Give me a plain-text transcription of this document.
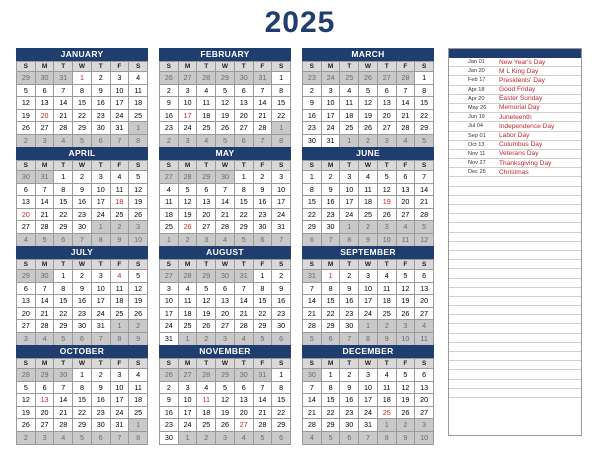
2025
JANUARY
S	M	T	W	T	F	S
29	30	31	1	2	3	4
5	6	7	8	9	10	11
12	13	14	15	16	17	18
19	20	21	22	23	24	25
26	27	28	29	30	31	1
2	3	4	5	6	7	8
FEBRUARY
S	M	T	W	T	F	S
26	27	28	29	30	31	1
2	3	4	5	6	7	8
9	10	11	12	13	14	15
16	17	18	19	20	21	22
23	24	25	26	27	28	1
2	3	4	5	6	7	8
MARCH
S	M	T	W	T	F	S
23	24	25	26	27	28	1
2	3	4	5	6	7	8
9	10	11	12	13	14	15
16	17	18	19	20	21	22
23	24	25	26	27	28	29
30	31	1	2	3	4	5
APRIL
S	M	T	W	T	F	S
30	31	1	2	3	4	5
6	7	8	9	10	11	12
13	14	15	16	17	18	19
20	21	22	23	24	25	26
27	28	29	30	1	2	3
4	5	6	7	8	9	10
MAY
S	M	T	W	T	F	S
27	28	29	30	1	2	3
4	5	6	7	8	9	10
11	12	13	14	15	16	17
18	19	20	21	22	23	24
25	26	27	28	29	30	31
1	2	3	4	5	6	7
JUNE
S	M	T	W	T	F	S
1	2	3	4	5	6	7
8	9	10	11	12	13	14
15	16	17	18	19	20	21
22	23	24	25	26	27	28
29	30	1	2	3	4	5
6	7	8	9	10	11	12
JULY
S	M	T	W	T	F	S
29	30	1	2	3	4	5
6	7	8	9	10	11	12
13	14	15	16	17	18	19
20	21	22	23	24	25	26
27	28	29	30	31	1	2
3	4	5	6	7	8	9
AUGUST
S	M	T	W	T	F	S
27	28	29	30	31	1	2
3	4	5	6	7	8	9
10	11	12	13	14	15	16
17	18	19	20	21	22	23
24	25	26	27	28	29	30
31	1	2	3	4	5	6
SEPTEMBER
S	M	T	W	T	F	S
31	1	2	3	4	5	6
7	8	9	10	11	12	13
14	15	16	17	18	19	20
21	22	23	24	25	26	27
28	29	30	1	2	3	4
5	6	7	8	9	10	11
OCTOBER
S	M	T	W	T	F	S
28	29	30	1	2	3	4
5	6	7	8	9	10	11
12	13	14	15	16	17	18
19	20	21	22	23	24	25
26	27	28	29	30	31	1
2	3	4	5	6	7	8
NOVEMBER
S	M	T	W	T	F	S
26	27	28	29	30	31	1
2	3	4	5	6	7	8
9	10	11	12	13	14	15
16	17	18	19	20	21	22
23	24	25	26	27	28	29
30	1	2	3	4	5	6
DECEMBER
S	M	T	W	T	F	S
30	1	2	3	4	5	6
7	8	9	10	11	12	13
14	15	16	17	18	19	20
21	22	23	24	25	26	27
28	29	30	31	1	2	3
4	5	6	7	8	9	10
Jan 01 New Year's Day
Jan 20 M L King Day
Feb 17 Presidents' Day
Apr 18 Good Friday
Apr 20 Easter Sunday
May 26 Memorial Day
Jun 19 Juneteenth
Jul 04 Independence Day
Sep 01 Labor Day
Oct 13 Columbus Day
Nov 11 Veterans Day
Nov 27 Thanksgiving Day
Dec 25 Christmas
